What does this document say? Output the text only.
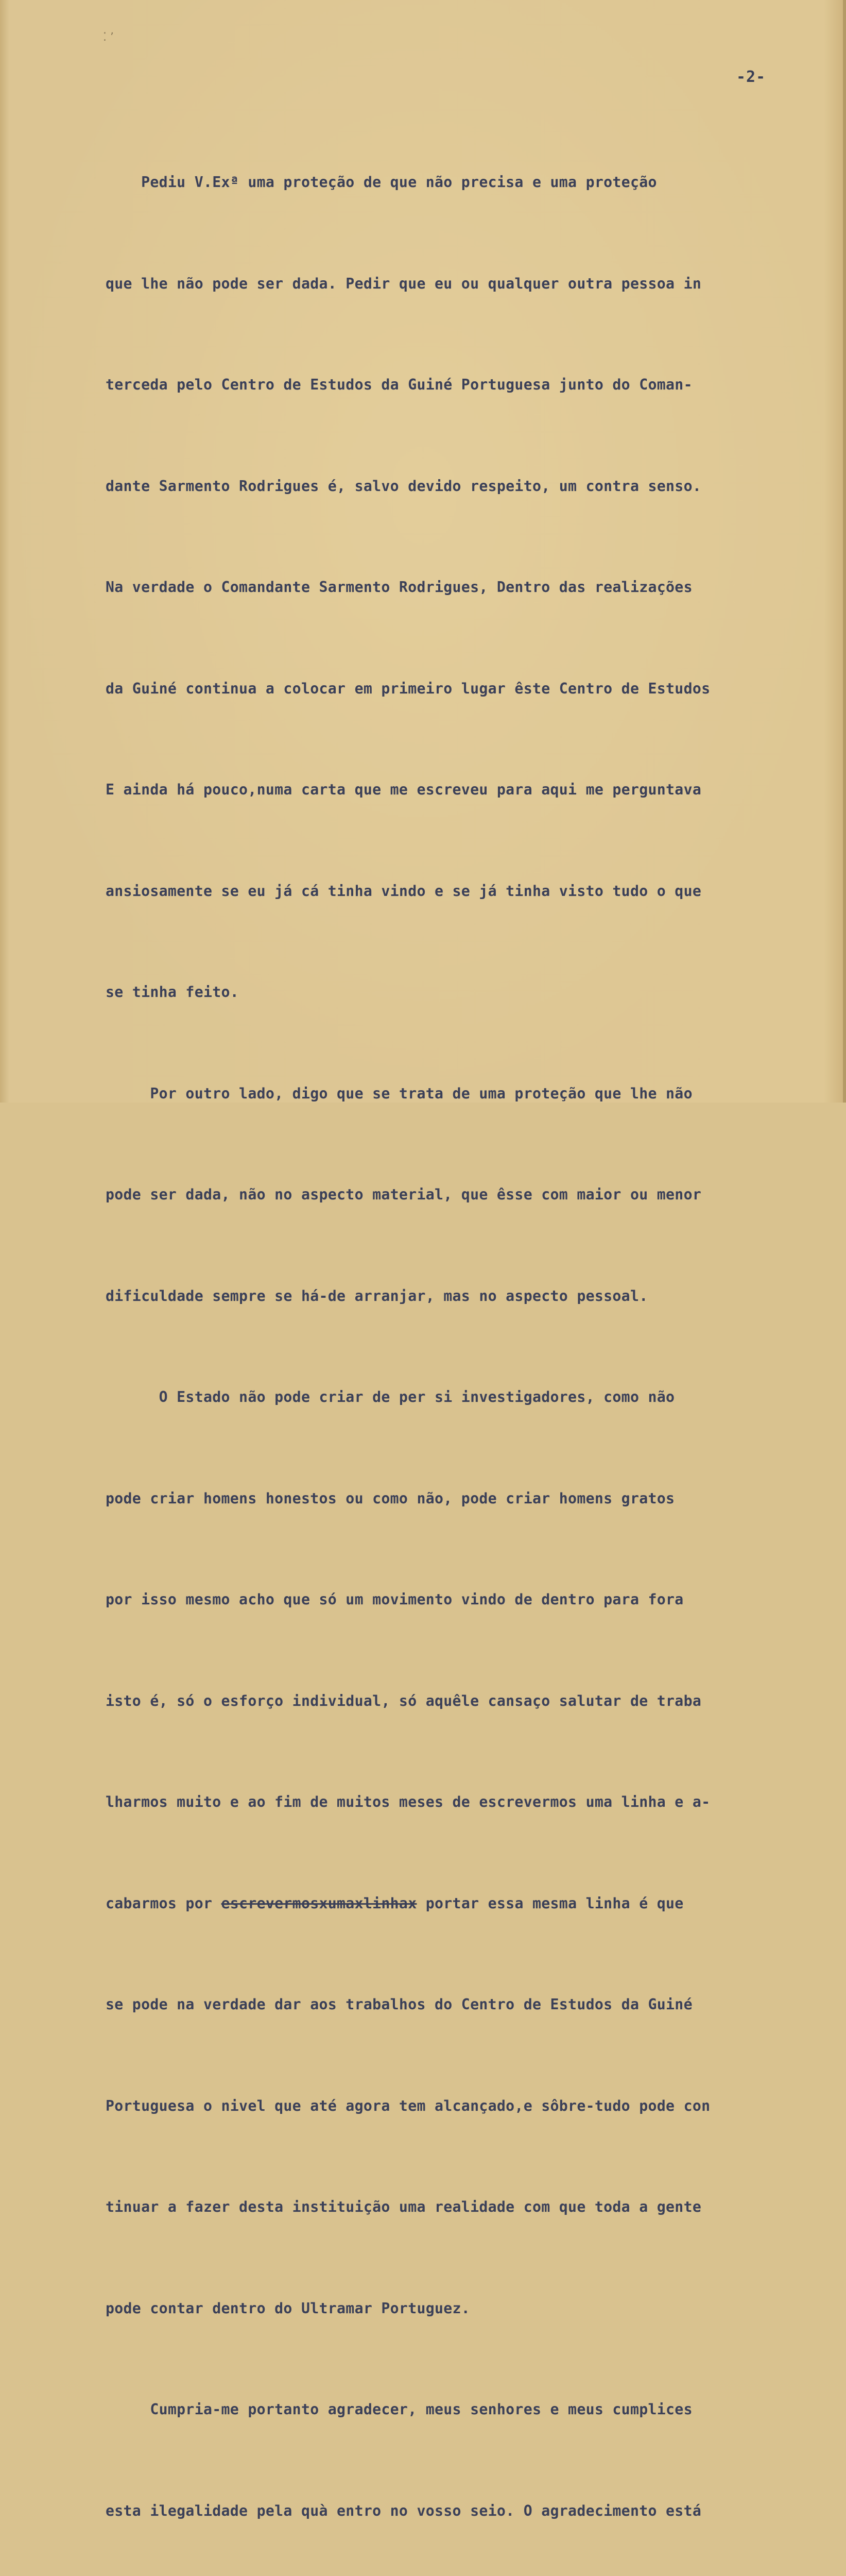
⁚ ʼ
-2-

Pediu V.Exª uma proteção de que não precisa e uma proteção

que lhe não pode ser dada. Pedir que eu ou qualquer outra pessoa in

terceda pelo Centro de Estudos da Guiné Portuguesa junto do Coman-

dante Sarmento Rodrigues é, salvo devido respeito, um contra senso.

Na verdade o Comandante Sarmento Rodrigues, Dentro das realizações

da Guiné continua a colocar em primeiro lugar êste Centro de Estudos

E ainda há pouco,numa carta que me escreveu para aqui me perguntava

ansiosamente se eu já cá tinha vindo e se já tinha visto tudo o que

se tinha feito.

Por outro lado, digo que se trata de uma proteção que lhe não

pode ser dada, não no aspecto material, que êsse com maior ou menor

dificuldade sempre se há-de arranjar, mas no aspecto pessoal.

O Estado não pode criar de per si investigadores, como não

pode criar homens honestos ou como não, pode criar homens gratos

por isso mesmo acho que só um movimento vindo de dentro para fora

isto é, só o esforço individual, só aquêle cansaço salutar de traba

lharmos muito e ao fim de muitos meses de escrevermos uma linha e a-

cabarmos por escrevermosxumaxlinhax portar essa mesma linha é que

se pode na verdade dar aos trabalhos do Centro de Estudos da Guiné

Portuguesa o nivel que até agora tem alcançado,e sôbre-tudo pode con

tinuar a fazer desta instituição uma realidade com que toda a gente

pode contar dentro do Ultramar Portuguez.

Cumpria-me portanto agradecer, meus senhores e meus cumplices

esta ilegalidade pela quà entro no vosso seio. O agradecimento está
